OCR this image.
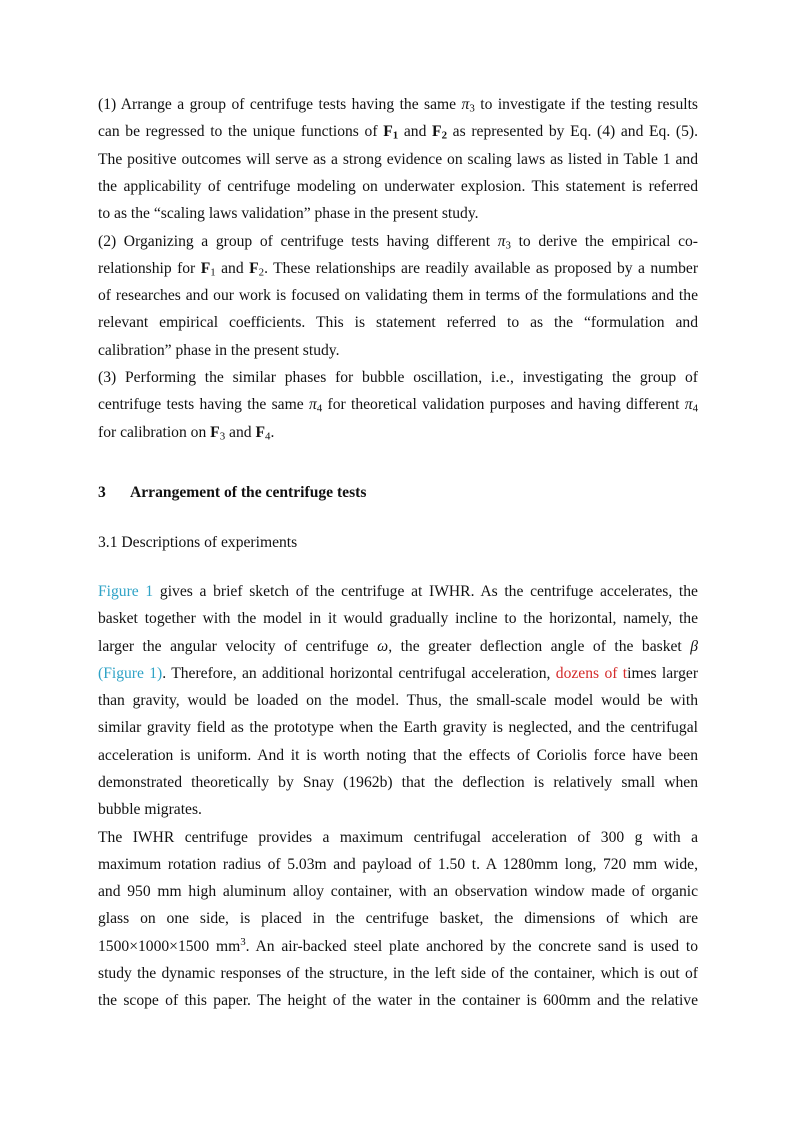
(1) Arrange a group of centrifuge tests having the same $\pi_3$ to investigate if the testing results
can be regressed to the unique functions of $F_1$ and $F_2$ as represented by Eq. (4) and Eq. (5).
The positive outcomes will serve as a strong evidence on scaling laws as listed in Table 1 and
the applicability of centrifuge modeling on underwater explosion. This statement is referred
to as the “scaling laws validation” phase in the present study.
(2) Organizing a group of centrifuge tests having different $\pi_3$ to derive the empirical co-
relationship for $F_1$ and $F_2$. These relationships are readily available as proposed by a number
of researches and our work is focused on validating them in terms of the formulations and the
relevant empirical coefficients. This is statement referred to as the “formulation and
calibration” phase in the present study.
(3) Performing the similar phases for bubble oscillation, i.e., investigating the group of
centrifuge tests having the same $\pi_4$ for theoretical validation purposes and having different $\pi_4$
for calibration on $F_3$ and $F_4$.
3 Arrangement of the centrifuge tests
3.1 Descriptions of experiments
Figure 1 gives a brief sketch of the centrifuge at IWHR. As the centrifuge accelerates, the
basket together with the model in it would gradually incline to the horizontal, namely, the
larger the angular velocity of centrifuge ω, the greater deflection angle of the basket β
(Figure 1). Therefore, an additional horizontal centrifugal acceleration, dozens of times larger
than gravity, would be loaded on the model. Thus, the small-scale model would be with
similar gravity field as the prototype when the Earth gravity is neglected, and the centrifugal
acceleration is uniform. And it is worth noting that the effects of Coriolis force have been
demonstrated theoretically by Snay (1962b) that the deflection is relatively small when
bubble migrates.
The IWHR centrifuge provides a maximum centrifugal acceleration of 300 g with a
maximum rotation radius of 5.03m and payload of 1.50 t. A 1280mm long, 720 mm wide,
and 950 mm high aluminum alloy container, with an observation window made of organic
glass on one side, is placed in the centrifuge basket, the dimensions of which are
1500×1000×1500 $mm^3$. An air-backed steel plate anchored by the concrete sand is used to
study the dynamic responses of the structure, in the left side of the container, which is out of
the scope of this paper. The height of the water in the container is 600mm and the relative
